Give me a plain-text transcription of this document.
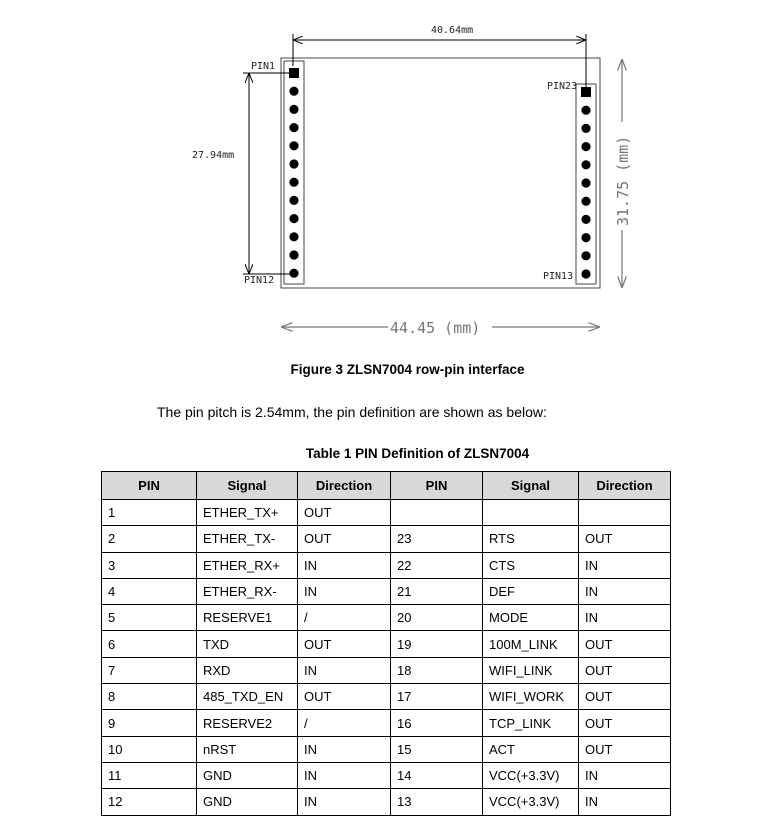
40.64mm
27.94mm
PIN1
PIN12
PIN23
PIN13
31.75 (mm)
44.45 (mm)
Figure 3 ZLSN7004 row-pin interface
The pin pitch is 2.54mm, the pin definition are shown as below:
Table 1 PIN Definition of ZLSN7004
PIN	Signal	Direction	PIN	Signal	Direction
1	ETHER_TX+	OUT			
2	ETHER_TX-	OUT	23	RTS	OUT
3	ETHER_RX+	IN	22	CTS	IN
4	ETHER_RX-	IN	21	DEF	IN
5	RESERVE1	/	20	MODE	IN
6	TXD	OUT	19	100M_LINK	OUT
7	RXD	IN	18	WIFI_LINK	OUT
8	485_TXD_EN	OUT	17	WIFI_WORK	OUT
9	RESERVE2	/	16	TCP_LINK	OUT
10	nRST	IN	15	ACT	OUT
11	GND	IN	14	VCC(+3.3V)	IN
12	GND	IN	13	VCC(+3.3V)	IN
